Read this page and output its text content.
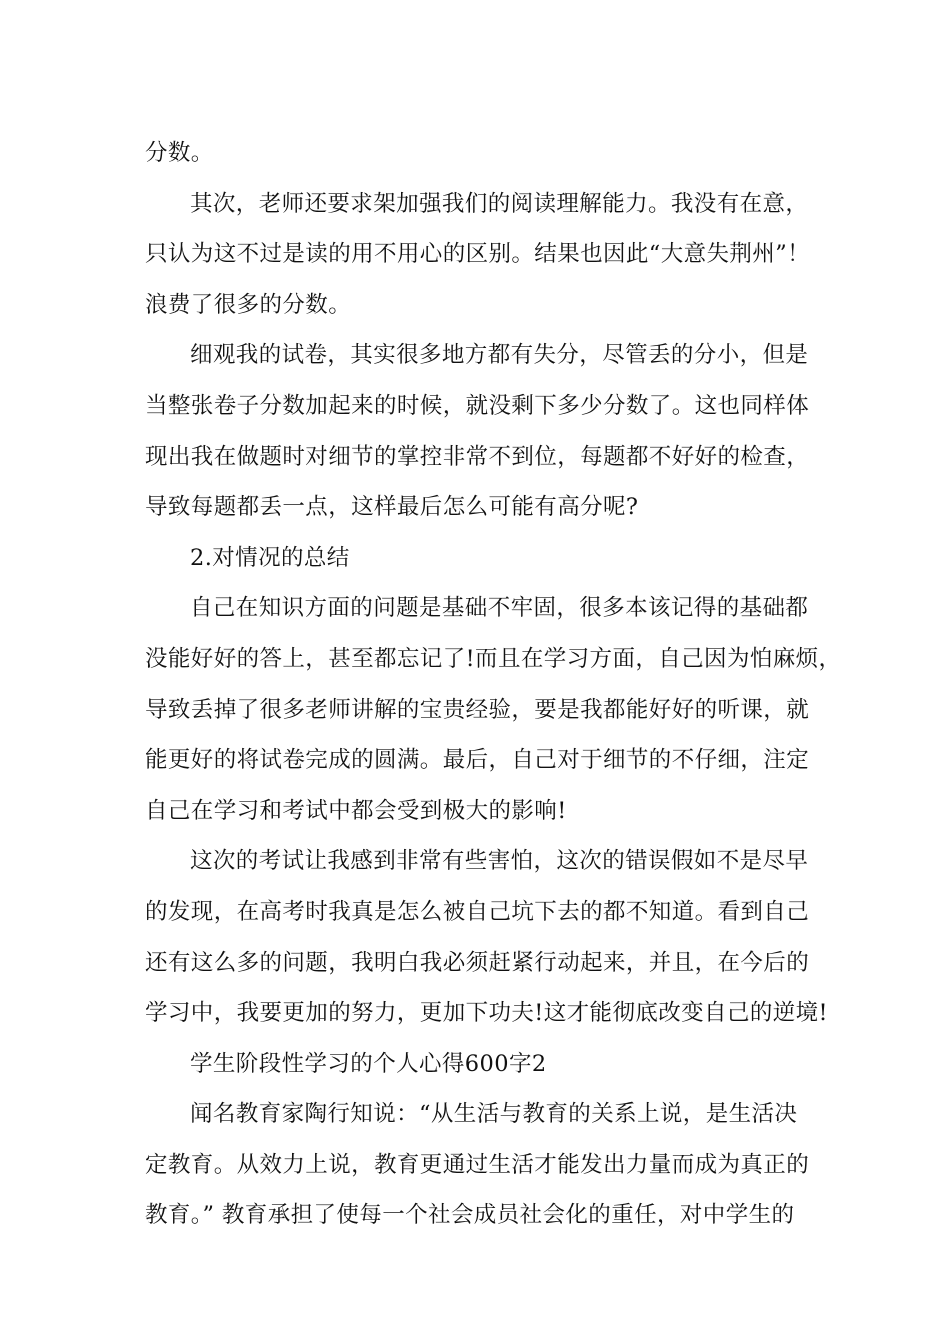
分数。
其次，老师还要求架加强我们的阅读理解能力。我没有在意，
只认为这不过是读的用不用心的区别。结果也因此“大意失荆州”！
浪费了很多的分数。
细观我的试卷，其实很多地方都有失分，尽管丢的分小，但是
当整张卷子分数加起来的时候，就没剩下多少分数了。这也同样体
现出我在做题时对细节的掌控非常不到位，每题都不好好的检查，
导致每题都丢一点，这样最后怎么可能有高分呢?
2.对情况的总结
自己在知识方面的问题是基础不牢固，很多本该记得的基础都
没能好好的答上，甚至都忘记了!而且在学习方面，自己因为怕麻烦，
导致丢掉了很多老师讲解的宝贵经验，要是我都能好好的听课，就
能更好的将试卷完成的圆满。最后，自己对于细节的不仔细，注定
自己在学习和考试中都会受到极大的影响!
这次的考试让我感到非常有些害怕，这次的错误假如不是尽早
的发现，在高考时我真是怎么被自己坑下去的都不知道。看到自己
还有这么多的问题，我明白我必须赶紧行动起来，并且，在今后的
学习中，我要更加的努力，更加下功夫!这才能彻底改变自己的逆境!
学生阶段性学习的个人心得600字2
闻名教育家陶行知说：“从生活与教育的关系上说，是生活决
定教育。从效力上说，教育更通过生活才能发出力量而成为真正的
教育。” 教育承担了使每一个社会成员社会化的重任，对中学生的
